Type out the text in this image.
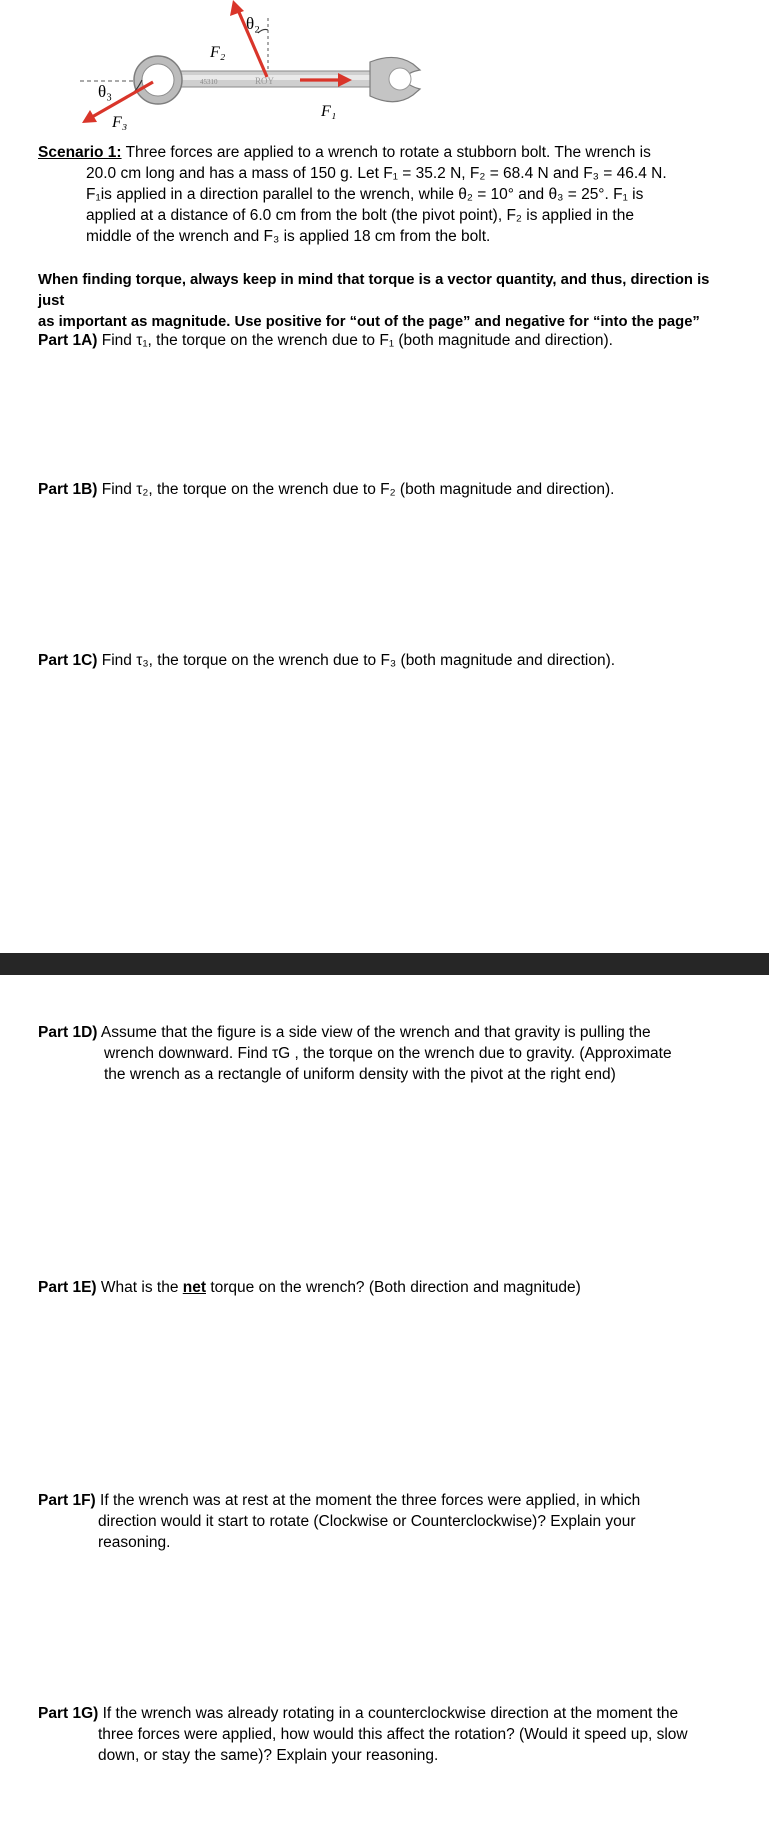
45310	ROY
θ₂
F₂
θ₃
F₁
F₃
Scenario 1: Three forces are applied to a wrench to rotate a stubborn bolt. The wrench is
20.0 cm long and has a mass of 150 g. Let F₁ = 35.2 N, F₂ = 68.4 N and F₃ = 46.4 N.
F₁is applied in a direction parallel to the wrench, while θ₂ = 10° and θ₃ = 25°. F₁ is
applied at a distance of 6.0 cm from the bolt (the pivot point), F₂ is applied in the
middle of the wrench and F₃ is applied 18 cm from the bolt.
When finding torque, always keep in mind that torque is a vector quantity, and thus, direction is just
as important as magnitude. Use positive for “out of the page” and negative for “into the page”
Part 1A) Find τ₁, the torque on the wrench due to F₁ (both magnitude and direction).
Part 1B) Find τ₂, the torque on the wrench due to F₂ (both magnitude and direction).
Part 1C) Find τ₃, the torque on the wrench due to F₃ (both magnitude and direction).
Part 1D) Assume that the figure is a side view of the wrench and that gravity is pulling the
wrench downward. Find τG , the torque on the wrench due to gravity. (Approximate
the wrench as a rectangle of uniform density with the pivot at the right end)
Part 1E) What is the net torque on the wrench? (Both direction and magnitude)
Part 1F) If the wrench was at rest at the moment the three forces were applied, in which
direction would it start to rotate (Clockwise or Counterclockwise)? Explain your
reasoning.
Part 1G) If the wrench was already rotating in a counterclockwise direction at the moment the
three forces were applied, how would this affect the rotation? (Would it speed up, slow
down, or stay the same)? Explain your reasoning.
